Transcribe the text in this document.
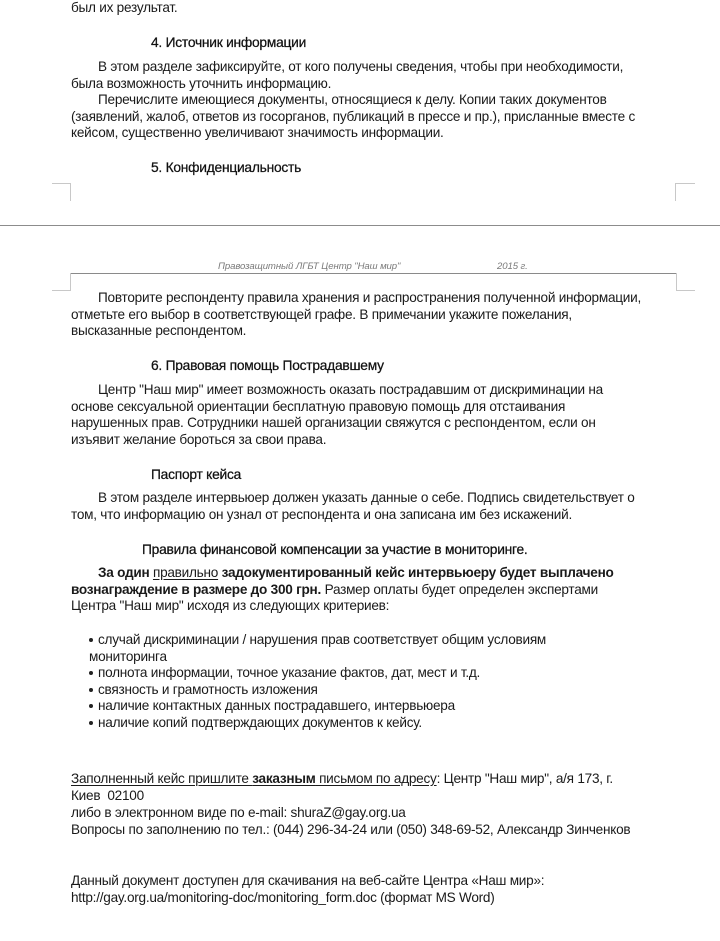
был их результат.
4. Источник информации
В этом разделе зафиксируйте, от кого получены сведения, чтобы при необходимости,
была возможность уточнить информацию.
Перечислите имеющиеся документы, относящиеся к делу. Копии таких документов
(заявлений, жалоб, ответов из госорганов, публикаций в прессе и пр.), присланные вместе с
кейсом, существенно увеличивают значимость информации.
5. Конфиденциальность
Правозащитный ЛГБТ Центр "Наш мир"	2015 г.
Повторите респонденту правила хранения и распространения полученной информации,
отметьте его выбор в соответствующей графе. В примечании укажите пожелания,
высказанные респондентом.
6. Правовая помощь Пострадавшему
Центр "Наш мир" имеет возможность оказать пострадавшим от дискриминации на
основе сексуальной ориентации бесплатную правовую помощь для отстаивания
нарушенных прав. Сотрудники нашей организации свяжутся с респондентом, если он
изъявит желание бороться за свои права.
Паспорт кейса
В этом разделе интервьюер должен указать данные о себе. Подпись свидетельствует о
том, что информацию он узнал от респондента и она записана им без искажений.
Правила финансовой компенсации за участие в мониторинге.
За один правильно задокументированный кейс интервьюеру будет выплачено
вознаграждение в размере до 300 грн. Размер оплаты будет определен экспертами
Центра "Наш мир" исходя из следующих критериев:
случай дискриминации / нарушения прав соответствует общим условиям
мониторинга
полнота информации, точное указание фактов, дат, мест и т.д.
связность и грамотность изложения
наличие контактных данных пострадавшего, интервьюера
наличие копий подтверждающих документов к кейсу.
Заполненный кейс пришлите заказным письмом по адресу: Центр "Наш мир", а/я 173, г.
Киев  02100
либо в электронном виде по e-mail: shuraZ@gay.org.ua
Вопросы по заполнению по тел.: (044) 296-34-24 или (050) 348-69-52, Александр Зинченков
Данный документ доступен для скачивания на веб-сайте Центра «Наш мир»:
http://gay.org.ua/monitoring-doc/monitoring_form.doc (формат MS Word)
